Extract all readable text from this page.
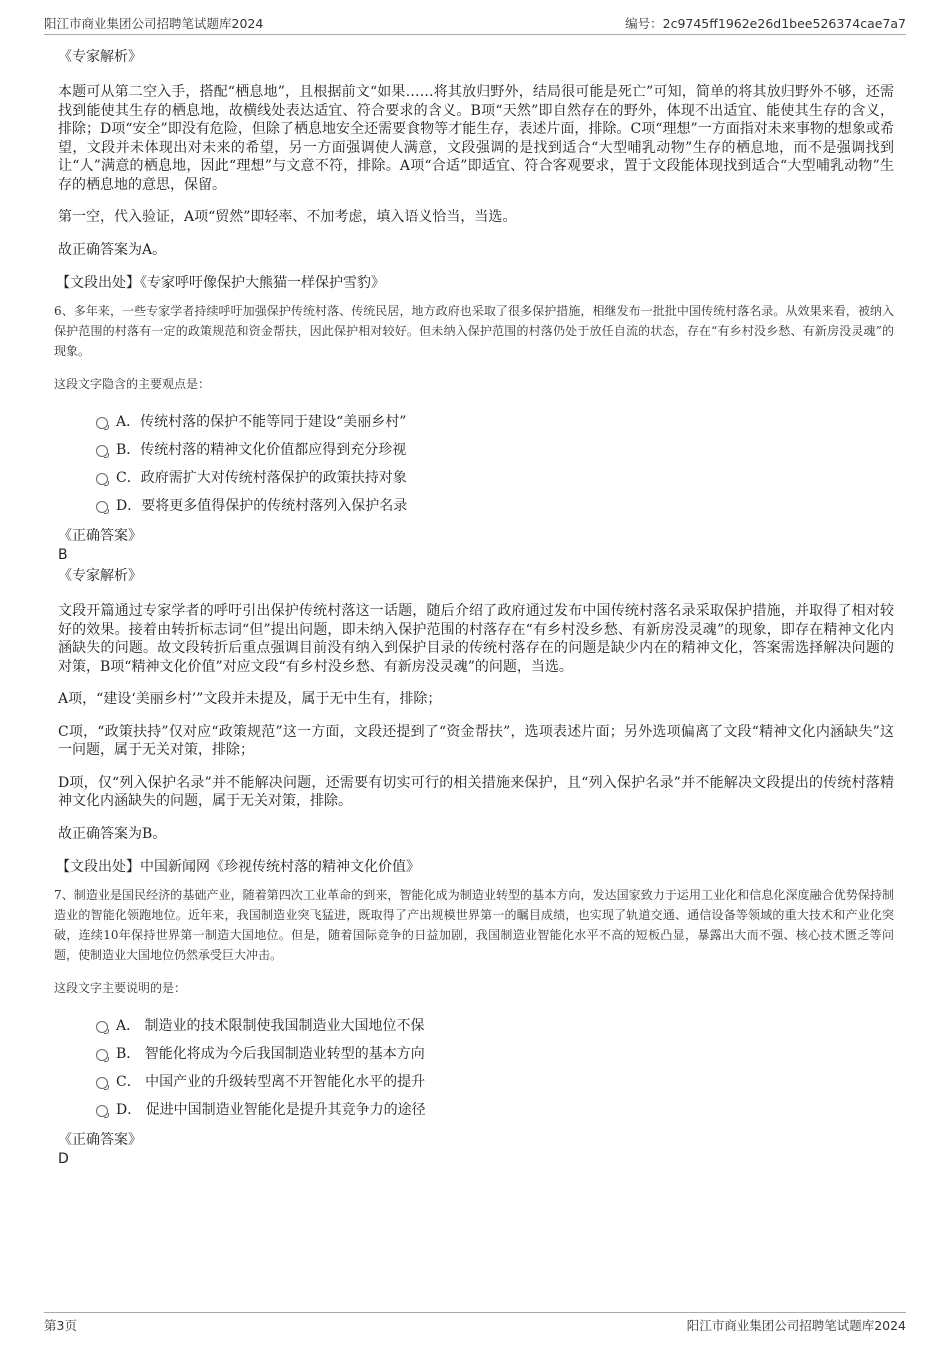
阳江市商业集团公司招聘笔试题库2024	编号：2c9745ff1962e26d1bee526374cae7a7

《专家解析》

本题可从第二空入手，搭配“栖息地”，且根据前文“如果……将其放归野外，结局很可能是死亡”可知，简单的将其放归野外不够，还需找到能使其生存的栖息地，故横线处表达适宜、符合要求的含义。B项“天然”即自然存在的野外，体现不出适宜、能使其生存的含义，排除；D项“安全”即没有危险，但除了栖息地安全还需要食物等才能生存，表述片面，排除。C项“理想”一方面指对未来事物的想象或希望，文段并未体现出对未来的希望，另一方面强调使人满意，文段强调的是找到适合“大型哺乳动物”生存的栖息地，而不是强调找到让“人”满意的栖息地，因此“理想”与文意不符，排除。A项“合适”即适宜、符合客观要求，置于文段能体现找到适合“大型哺乳动物”生存的栖息地的意思，保留。

第一空，代入验证，A项“贸然”即轻率、不加考虑，填入语义恰当，当选。

故正确答案为A。

【文段出处】《专家呼吁像保护大熊猫一样保护雪豹》

6、多年来，一些专家学者持续呼吁加强保护传统村落、传统民居，地方政府也采取了很多保护措施，相继发布一批批中国传统村落名录。从效果来看，被纳入保护范围的村落有一定的政策规范和资金帮扶，因此保护相对较好。但未纳入保护范围的村落仍处于放任自流的状态，存在“有乡村没乡愁、有新房没灵魂”的现象。

这段文字隐含的主要观点是：

A．传统村落的保护不能等同于建设“美丽乡村”
B．传统村落的精神文化价值都应得到充分珍视
C．政府需扩大对传统村落保护的政策扶持对象
D．要将更多值得保护的传统村落列入保护名录

《正确答案》

B

《专家解析》

文段开篇通过专家学者的呼吁引出保护传统村落这一话题，随后介绍了政府通过发布中国传统村落名录采取保护措施，并取得了相对较好的效果。接着由转折标志词“但”提出问题，即未纳入保护范围的村落存在“有乡村没乡愁、有新房没灵魂”的现象，即存在精神文化内涵缺失的问题。故文段转折后重点强调目前没有纳入到保护目录的传统村落存在的问题是缺少内在的精神文化，答案需选择解决问题的对策，B项“精神文化价值”对应文段“有乡村没乡愁、有新房没灵魂”的问题，当选。

A项，“建设‘美丽乡村’”文段并未提及，属于无中生有，排除；

C项，“政策扶持”仅对应“政策规范”这一方面，文段还提到了“资金帮扶”，选项表述片面；另外选项偏离了文段“精神文化内涵缺失”这一问题，属于无关对策，排除；

D项，仅“列入保护名录”并不能解决问题，还需要有切实可行的相关措施来保护，且“列入保护名录”并不能解决文段提出的传统村落精神文化内涵缺失的问题，属于无关对策，排除。

故正确答案为B。

【文段出处】中国新闻网《珍视传统村落的精神文化价值》

7、制造业是国民经济的基础产业，随着第四次工业革命的到来，智能化成为制造业转型的基本方向，发达国家致力于运用工业化和信息化深度融合优势保持制造业的智能化领跑地位。近年来，我国制造业突飞猛进，既取得了产出规模世界第一的瞩目成绩，也实现了轨道交通、通信设备等领域的重大技术和产业化突破，连续10年保持世界第一制造大国地位。但是，随着国际竞争的日益加剧，我国制造业智能化水平不高的短板凸显，暴露出大而不强、核心技术匮乏等问题，使制造业大国地位仍然承受巨大冲击。

这段文字主要说明的是：

A． 制造业的技术限制使我国制造业大国地位不保
B． 智能化将成为今后我国制造业转型的基本方向
C． 中国产业的升级转型离不开智能化水平的提升
D． 促进中国制造业智能化是提升其竞争力的途径

《正确答案》

D

第3页	阳江市商业集团公司招聘笔试题库2024
